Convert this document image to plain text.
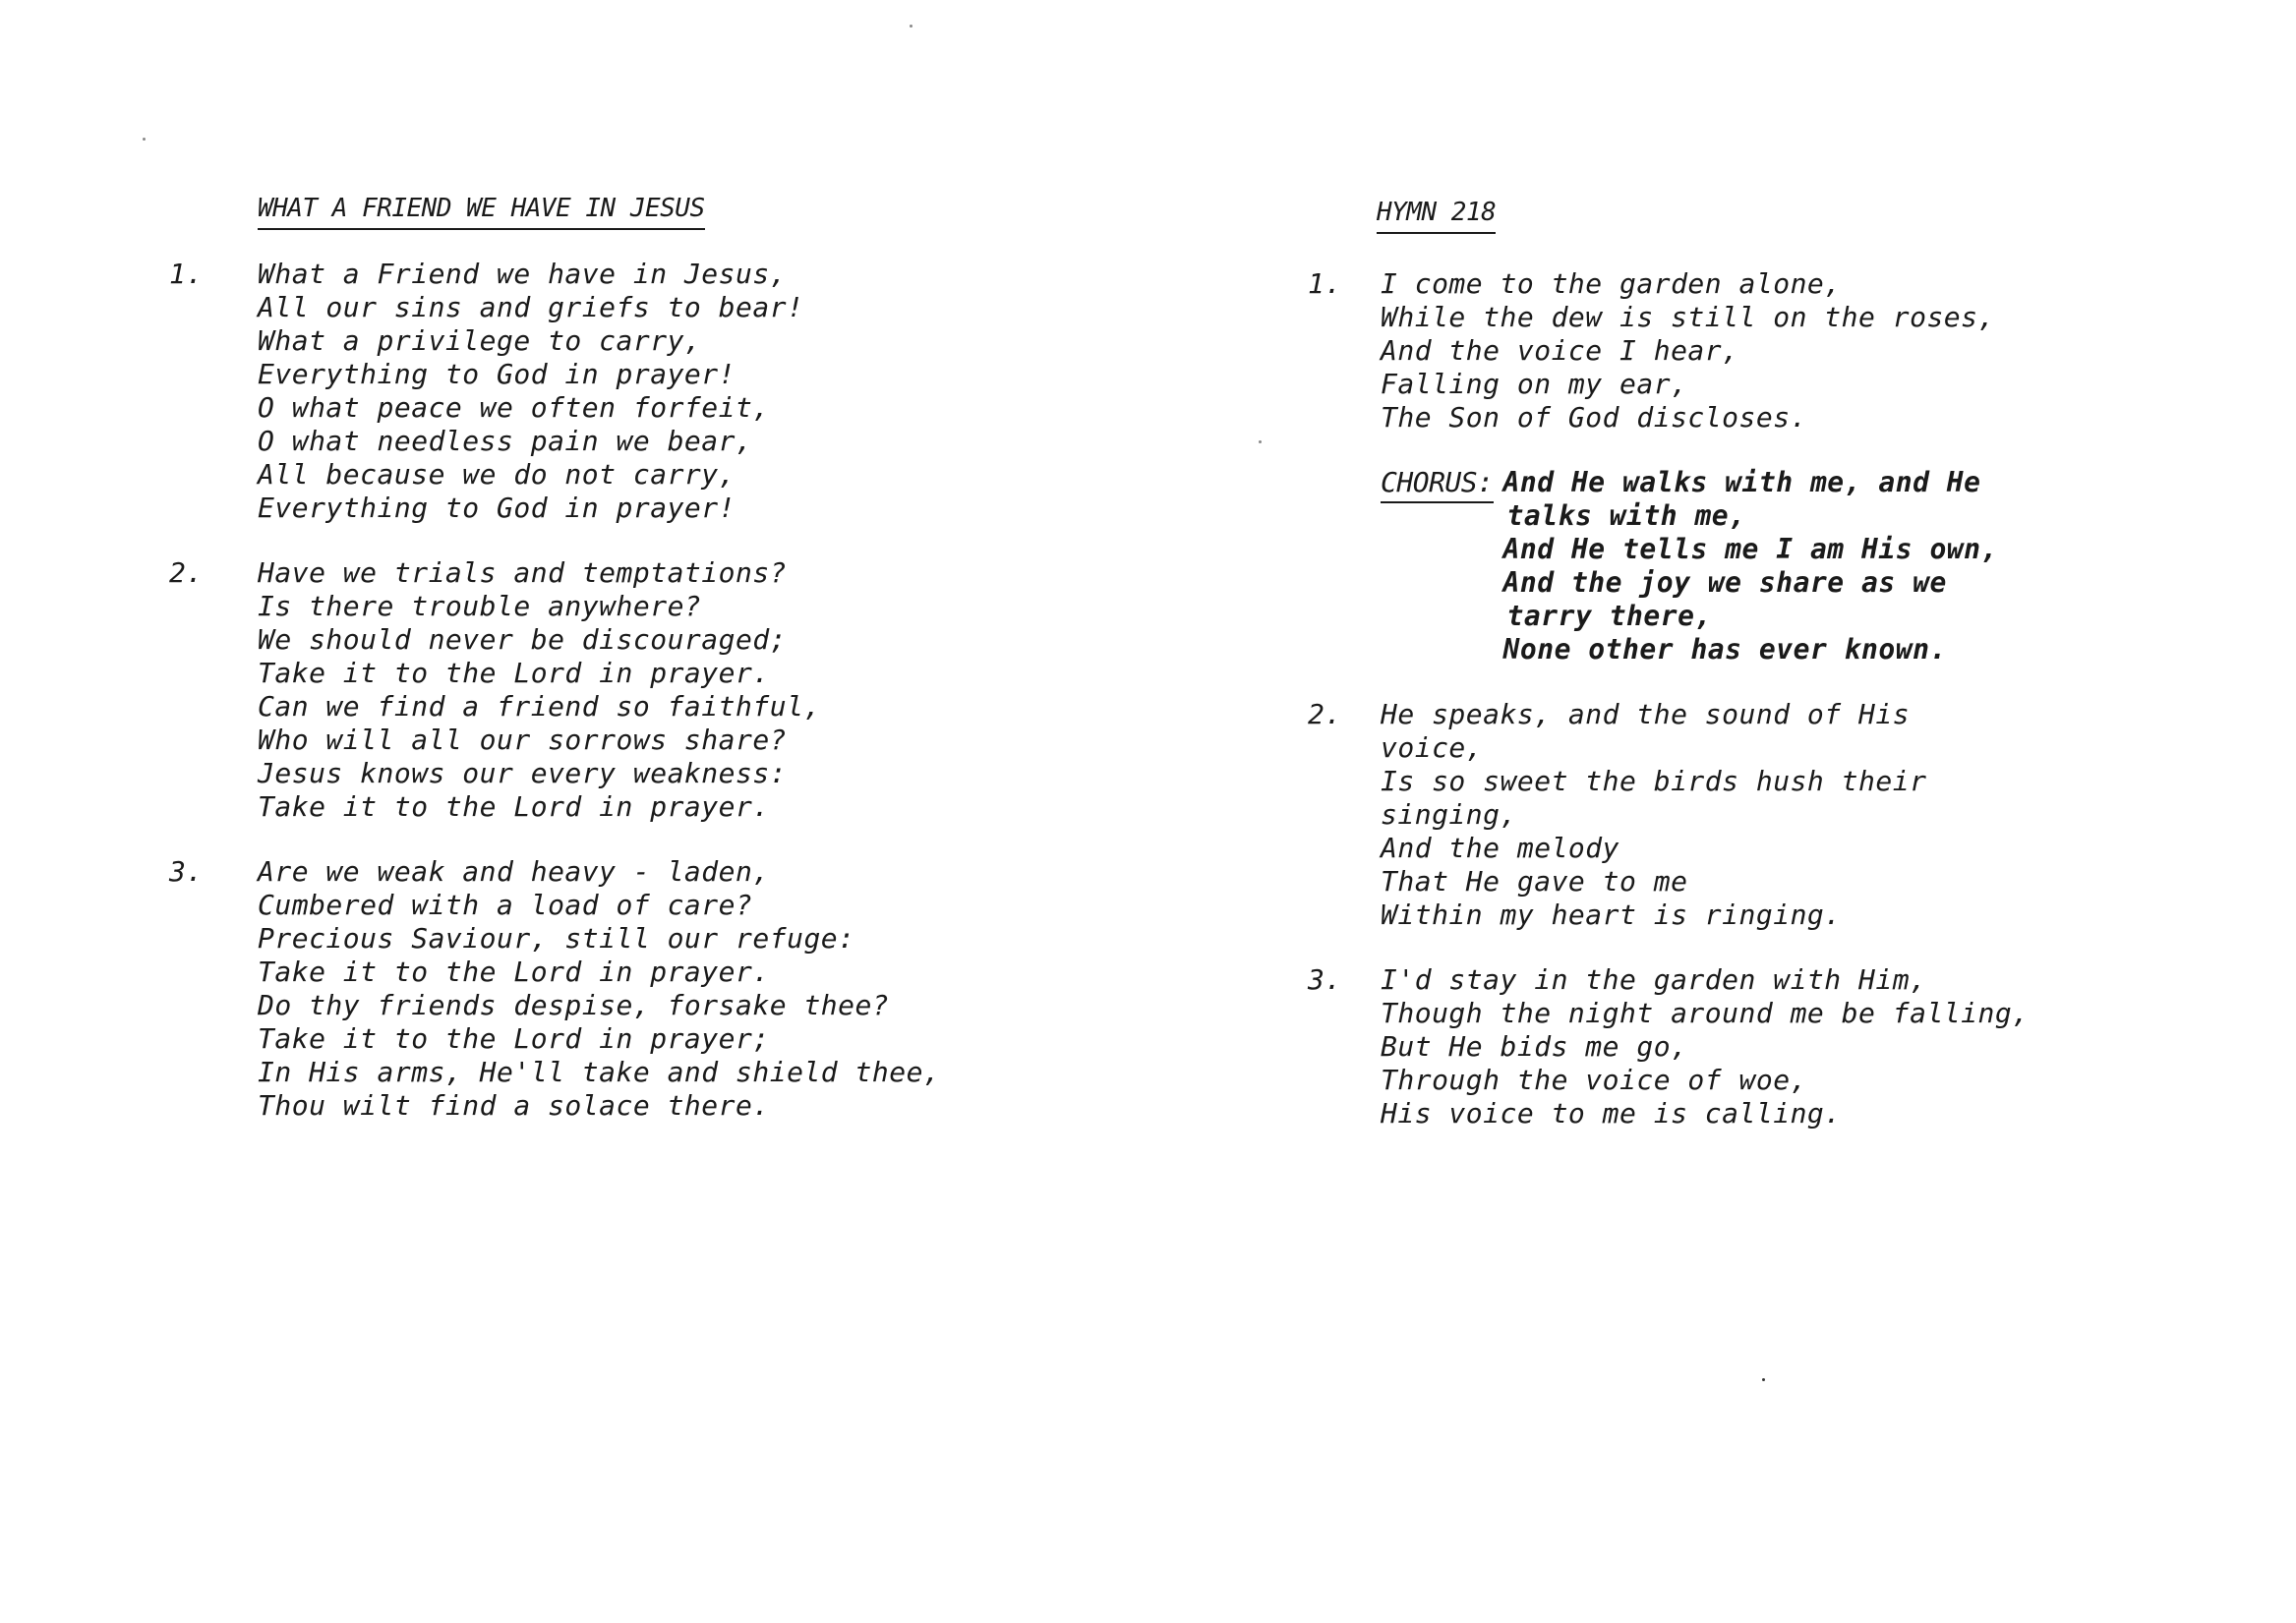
WHAT A FRIEND WE HAVE IN JESUS
1. What a Friend we have in Jesus,
All our sins and griefs to bear!
What a privilege to carry,
Everything to God in prayer!
O what peace we often forfeit,
O what needless pain we bear,
All because we do not carry,
Everything to God in prayer!
2. Have we trials and temptations?
Is there trouble anywhere?
We should never be discouraged;
Take it to the Lord in prayer.
Can we find a friend so faithful,
Who will all our sorrows share?
Jesus knows our every weakness:
Take it to the Lord in prayer.
3. Are we weak and heavy - laden,
Cumbered with a load of care?
Precious Saviour, still our refuge:
Take it to the Lord in prayer.
Do thy friends despise, forsake thee?
Take it to the Lord in prayer;
In His arms, He'll take and shield thee,
Thou wilt find a solace there.
HYMN 218
1. I come to the garden alone,
While the dew is still on the roses,
And the voice I hear,
Falling on my ear,
The Son of God discloses.
CHORUS: And He walks with me, and He
talks with me,
And He tells me I am His own,
And the joy we share as we
tarry there,
None other has ever known.
2. He speaks, and the sound of His
voice,
Is so sweet the birds hush their
singing,
And the melody
That He gave to me
Within my heart is ringing.
3. I'd stay in the garden with Him,
Though the night around me be falling,
But He bids me go,
Through the voice of woe,
His voice to me is calling.
